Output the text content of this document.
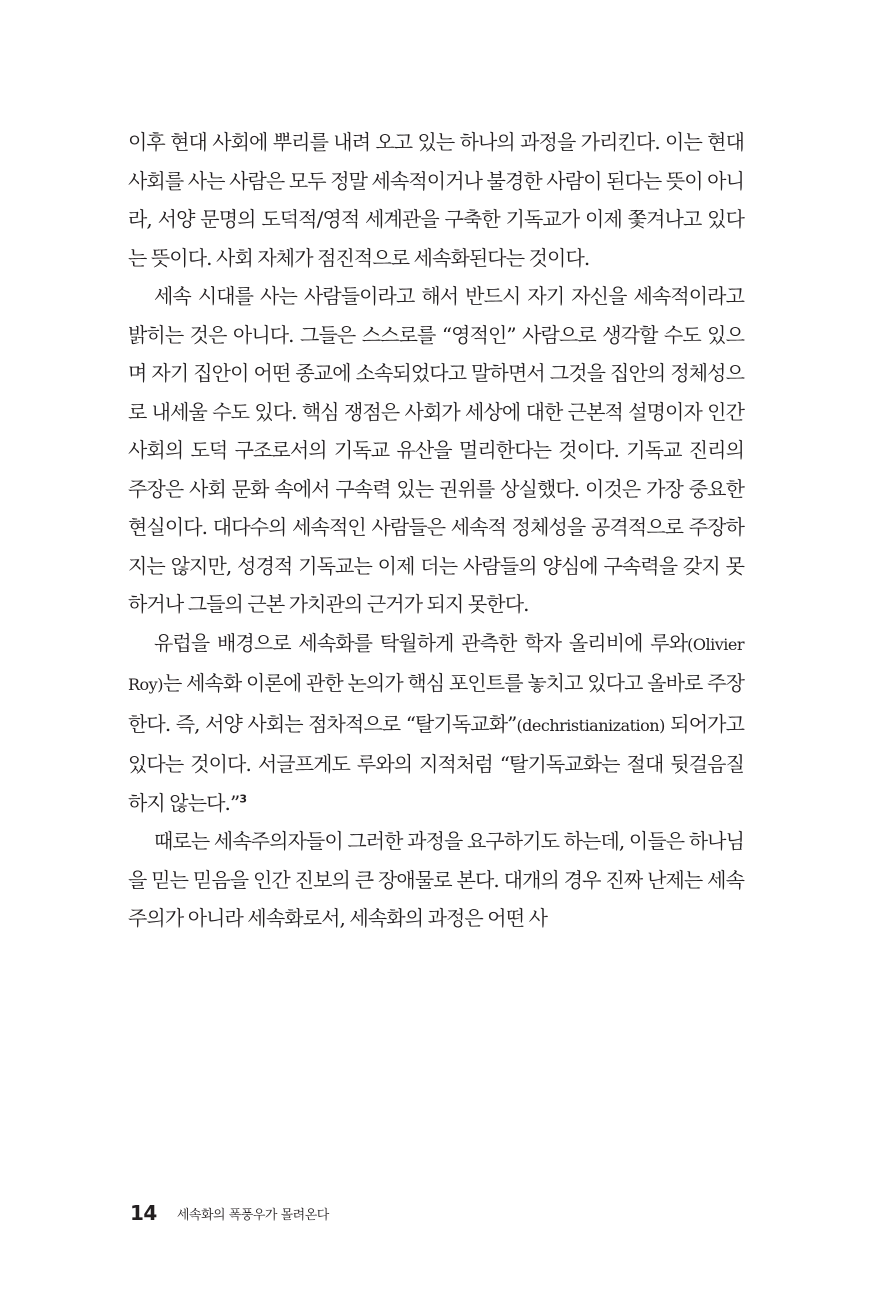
이후 현대 사회에 뿌리를 내려 오고 있는 하나의 과정을 가리킨다. 이는 현대 사회를 사는 사람은 모두 정말 세속적이거나 불경한 사람이 된다는 뜻이 아니라, 서양 문명의 도덕적/영적 세계관을 구축한 기독교가 이제 쫓겨나고 있다는 뜻이다. 사회 자체가 점진적으로 세속화된다는 것이다.

세속 시대를 사는 사람들이라고 해서 반드시 자기 자신을 세속적이라고 밝히는 것은 아니다. 그들은 스스로를 “영적인” 사람으로 생각할 수도 있으며 자기 집안이 어떤 종교에 소속되었다고 말하면서 그것을 집안의 정체성으로 내세울 수도 있다. 핵심 쟁점은 사회가 세상에 대한 근본적 설명이자 인간 사회의 도덕 구조로서의 기독교 유산을 멀리한다는 것이다. 기독교 진리의 주장은 사회 문화 속에서 구속력 있는 권위를 상실했다. 이것은 가장 중요한 현실이다. 대다수의 세속적인 사람들은 세속적 정체성을 공격적으로 주장하지는 않지만, 성경적 기독교는 이제 더는 사람들의 양심에 구속력을 갖지 못하거나 그들의 근본 가치관의 근거가 되지 못한다.

유럽을 배경으로 세속화를 탁월하게 관측한 학자 올리비에 루와(Olivier Roy)는 세속화 이론에 관한 논의가 핵심 포인트를 놓치고 있다고 올바로 주장한다. 즉, 서양 사회는 점차적으로 “탈기독교화”(dechristianization) 되어가고 있다는 것이다. 서글프게도 루와의 지적처럼 “탈기독교화는 절대 뒷걸음질하지 않는다.”$^3$

때로는 세속주의자들이 그러한 과정을 요구하기도 하는데, 이들은 하나님을 믿는 믿음을 인간 진보의 큰 장애물로 본다. 대개의 경우 진짜 난제는 세속주의가 아니라 세속화로서, 세속화의 과정은 어떤 사

14 세속화의 폭풍우가 몰려온다
